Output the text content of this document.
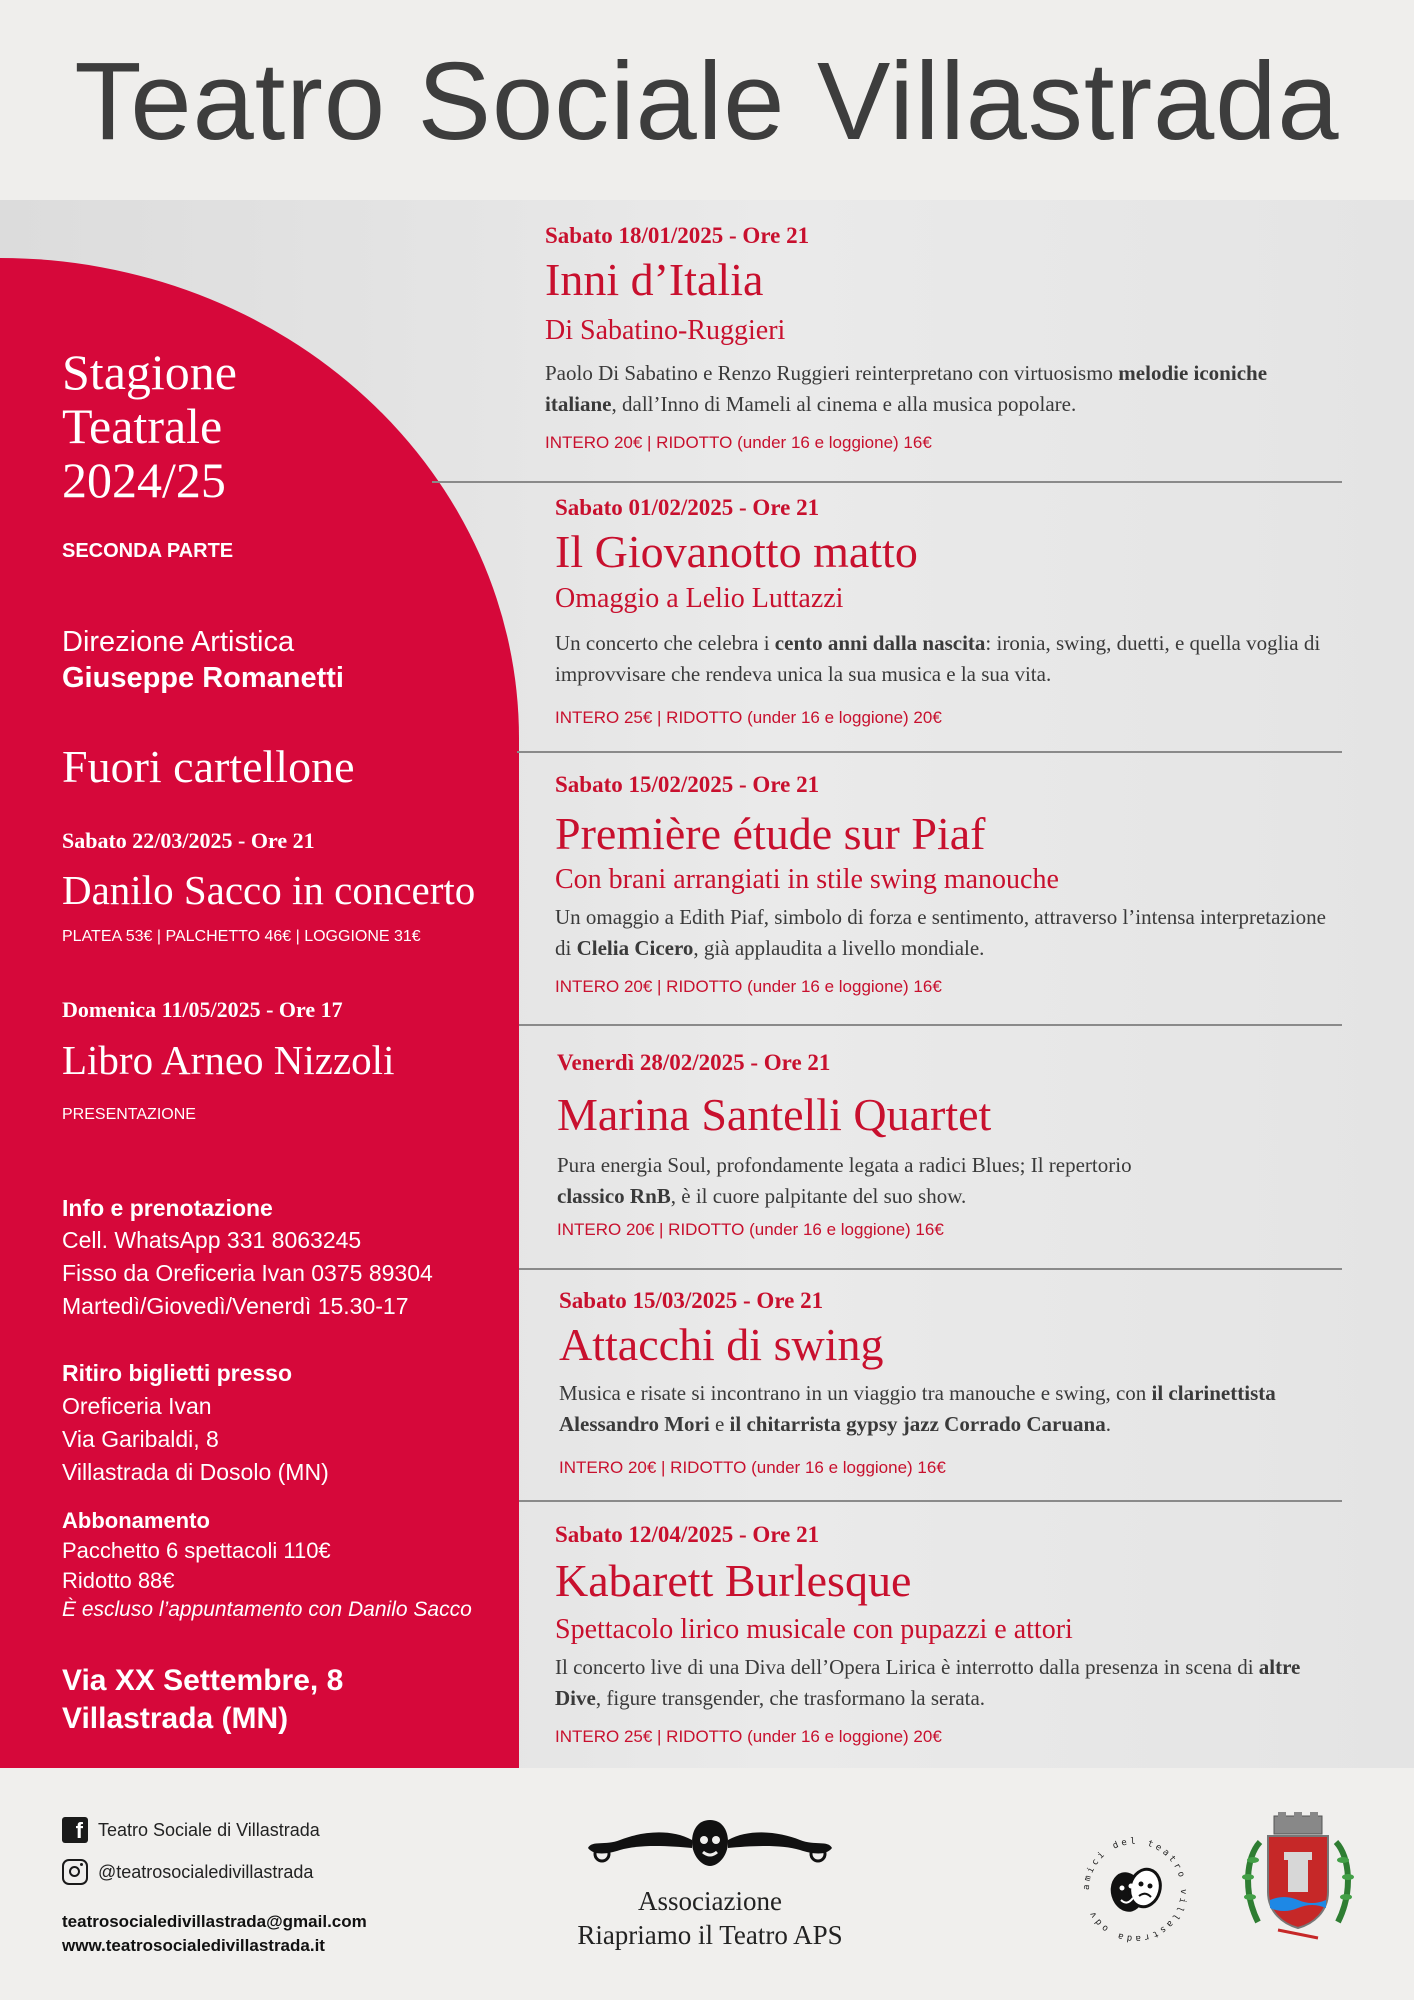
Teatro Sociale Villastrada
Stagione
Teatrale
2024/25
SECONDA PARTE
Direzione Artistica
Giuseppe Romanetti
Fuori cartellone
Sabato 22/03/2025 - Ore 21
Danilo Sacco in concerto
PLATEA 53€ | PALCHETTO 46€ | LOGGIONE 31€
Domenica 11/05/2025 - Ore 17
Libro Arneo Nizzoli
PRESENTAZIONE
Info e prenotazione
Cell. WhatsApp 331 8063245
Fisso da Oreficeria Ivan 0375 89304
Martedì/Giovedì/Venerdì 15.30-17
Ritiro biglietti presso
Oreficeria Ivan
Via Garibaldi, 8
Villastrada di Dosolo (MN)
Abbonamento
Pacchetto 6 spettacoli 110€
Ridotto 88€
È escluso l’appuntamento con Danilo Sacco
Via XX Settembre, 8
Villastrada (MN)
Sabato 18/01/2025 - Ore 21
Inni d’Italia
Di Sabatino-Ruggieri
Paolo Di Sabatino e Renzo Ruggieri reinterpretano con virtuosismo melodie iconiche italiane, dall’Inno di Mameli al cinema e alla musica popolare.
INTERO 20€ | RIDOTTO (under 16 e loggione) 16€
Sabato 01/02/2025 - Ore 21
Il Giovanotto matto
Omaggio a Lelio Luttazzi
Un concerto che celebra i cento anni dalla nascita: ironia, swing, duetti, e quella voglia di improvvisare che rendeva unica la sua musica e la sua vita.
INTERO 25€ | RIDOTTO (under 16 e loggione) 20€
Sabato 15/02/2025 - Ore 21
Première étude sur Piaf
Con brani arrangiati in stile swing manouche
Un omaggio a Edith Piaf, simbolo di forza e sentimento, attraverso l’intensa interpretazione di Clelia Cicero, già applaudita a livello mondiale.
INTERO 20€ | RIDOTTO (under 16 e loggione) 16€
Venerdì 28/02/2025 - Ore 21
Marina Santelli Quartet
Pura energia Soul, profondamente legata a radici Blues; Il repertorio classico RnB, è il cuore palpitante del suo show.
INTERO 20€ | RIDOTTO (under 16 e loggione) 16€
Sabato 15/03/2025 - Ore 21
Attacchi di swing
Musica e risate si incontrano in un viaggio tra manouche e swing, con il clarinettista Alessandro Mori e il chitarrista gypsy jazz Corrado Caruana.
INTERO 20€ | RIDOTTO (under 16 e loggione) 16€
Sabato 12/04/2025 - Ore 21
Kabarett Burlesque
Spettacolo lirico musicale con pupazzi e attori
Il concerto live di una Diva dell’Opera Lirica è interrotto dalla presenza in scena di altre Dive, figure transgender, che trasformano la serata.
INTERO 25€ | RIDOTTO (under 16 e loggione) 20€
f Teatro Sociale di Villastrada
@teatrosocialedivillastrada
teatrosocialedivillastrada@gmail.com
www.teatrosocialedivillastrada.it
Associazione
Riapriamo il Teatro APS
amici del teatro villastrada odv
